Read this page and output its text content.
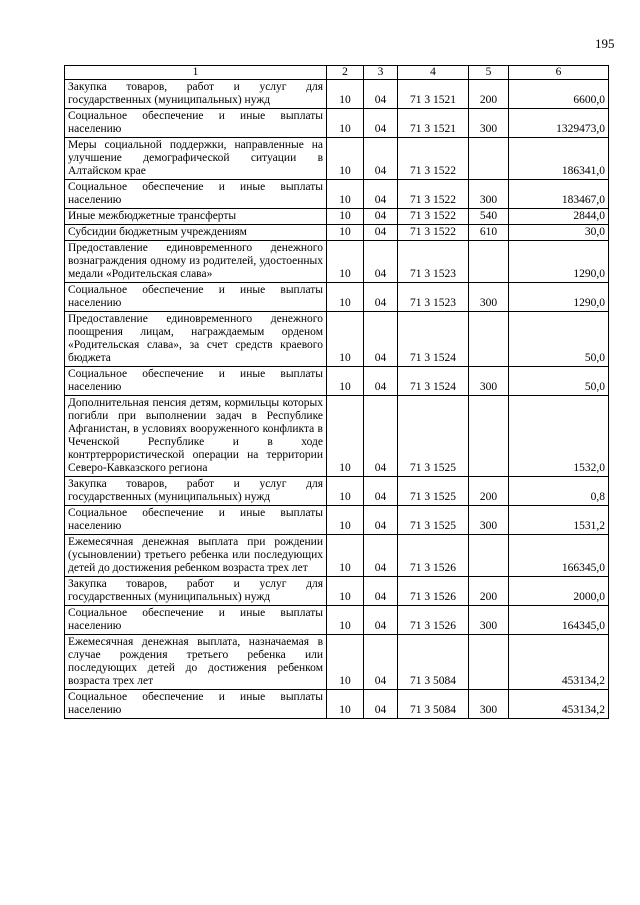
195
1	2	3	4	5	6
Закупка товаров, работ и услуг для государственных (муниципальных) нужд	10	04	71 3 1521	200	6600,0
Социальное обеспечение и иные выплаты населению	10	04	71 3 1521	300	1329473,0
Меры социальной поддержки, направленные на улучшение демографической ситуации в Алтайском крае	10	04	71 3 1522		186341,0
Социальное обеспечение и иные выплаты населению	10	04	71 3 1522	300	183467,0
Иные межбюджетные трансферты	10	04	71 3 1522	540	2844,0
Субсидии бюджетным учреждениям	10	04	71 3 1522	610	30,0
Предоставление единовременного денежного вознаграждения одному из родителей, удостоенных медали «Родительская слава»	10	04	71 3 1523		1290,0
Социальное обеспечение и иные выплаты населению	10	04	71 3 1523	300	1290,0
Предоставление единовременного денежного поощрения лицам, награждаемым орденом «Родительская слава», за счет средств краевого бюджета	10	04	71 3 1524		50,0
Социальное обеспечение и иные выплаты населению	10	04	71 3 1524	300	50,0
Дополнительная пенсия детям, кормильцы которых погибли при выполнении задач в Республике Афганистан, в условиях вооруженного конфликта в Чеченской Республике и в ходе контртеррористической операции на территории Северо-Кавказского региона	10	04	71 3 1525		1532,0
Закупка товаров, работ и услуг для государственных (муниципальных) нужд	10	04	71 3 1525	200	0,8
Социальное обеспечение и иные выплаты населению	10	04	71 3 1525	300	1531,2
Ежемесячная денежная выплата при рождении (усыновлении) третьего ребенка или последующих детей до достижения ребенком возраста трех лет	10	04	71 3 1526		166345,0
Закупка товаров, работ и услуг для государственных (муниципальных) нужд	10	04	71 3 1526	200	2000,0
Социальное обеспечение и иные выплаты населению	10	04	71 3 1526	300	164345,0
Ежемесячная денежная выплата, назначаемая в случае рождения третьего ребенка или последующих детей до достижения ребенком возраста трех лет	10	04	71 3 5084		453134,2
Социальное обеспечение и иные выплаты населению	10	04	71 3 5084	300	453134,2
